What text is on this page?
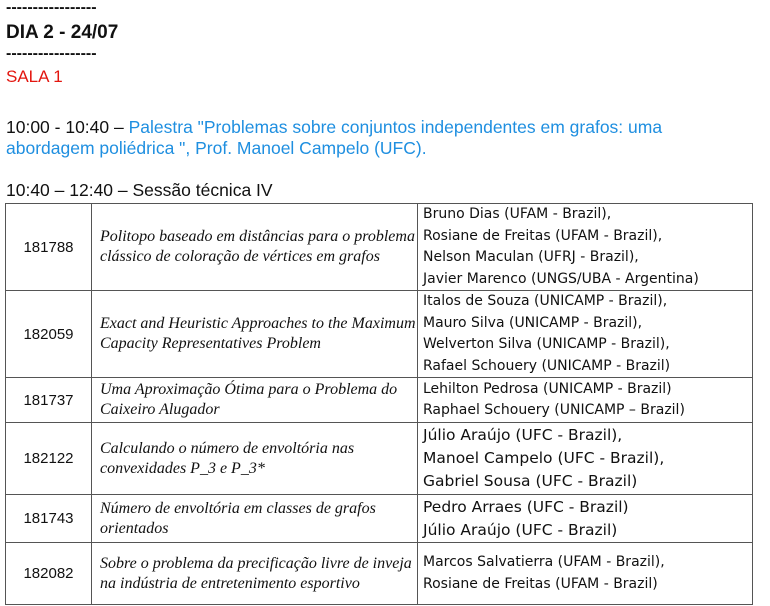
-----------------
DIA 2 - 24/07
-----------------
SALA 1
10:00 - 10:40 – Palestra "Problemas sobre conjuntos independentes em grafos: uma abordagem poliédrica ", Prof. Manoel Campelo (UFC).
10:40 – 12:40 – Sessão técnica IV
181788	Politopo baseado em distâncias para o problema clássico de coloração de vértices em grafos	Bruno Dias (UFAM - Brazil),
Rosiane de Freitas (UFAM - Brazil),
Nelson Maculan (UFRJ - Brazil),
Javier Marenco (UNGS/UBA - Argentina)

182059	Exact and Heuristic Approaches to the Maximum Capacity Representatives Problem	Italos de Souza (UNICAMP - Brazil),
Mauro Silva (UNICAMP - Brazil),
Welverton Silva (UNICAMP - Brazil),
Rafael Schouery (UNICAMP - Brazil)

181737	Uma Aproximação Ótima para o Problema do Caixeiro Alugador	Lehilton Pedrosa (UNICAMP - Brazil)
Raphael Schouery (UNICAMP – Brazil)

182122	Calculando o número de envoltória nas convexidades P_3 e P_3*	Júlio Araújo (UFC - Brazil),
Manoel Campelo (UFC - Brazil),
Gabriel Sousa (UFC - Brazil)

181743	Número de envoltória em classes de grafos orientados	Pedro Arraes (UFC - Brazil)
Júlio Araújo (UFC - Brazil)

182082	Sobre o problema da precificação livre de inveja na indústria de entretenimento esportivo	Marcos Salvatierra (UFAM - Brazil),
Rosiane de Freitas (UFAM - Brazil)
